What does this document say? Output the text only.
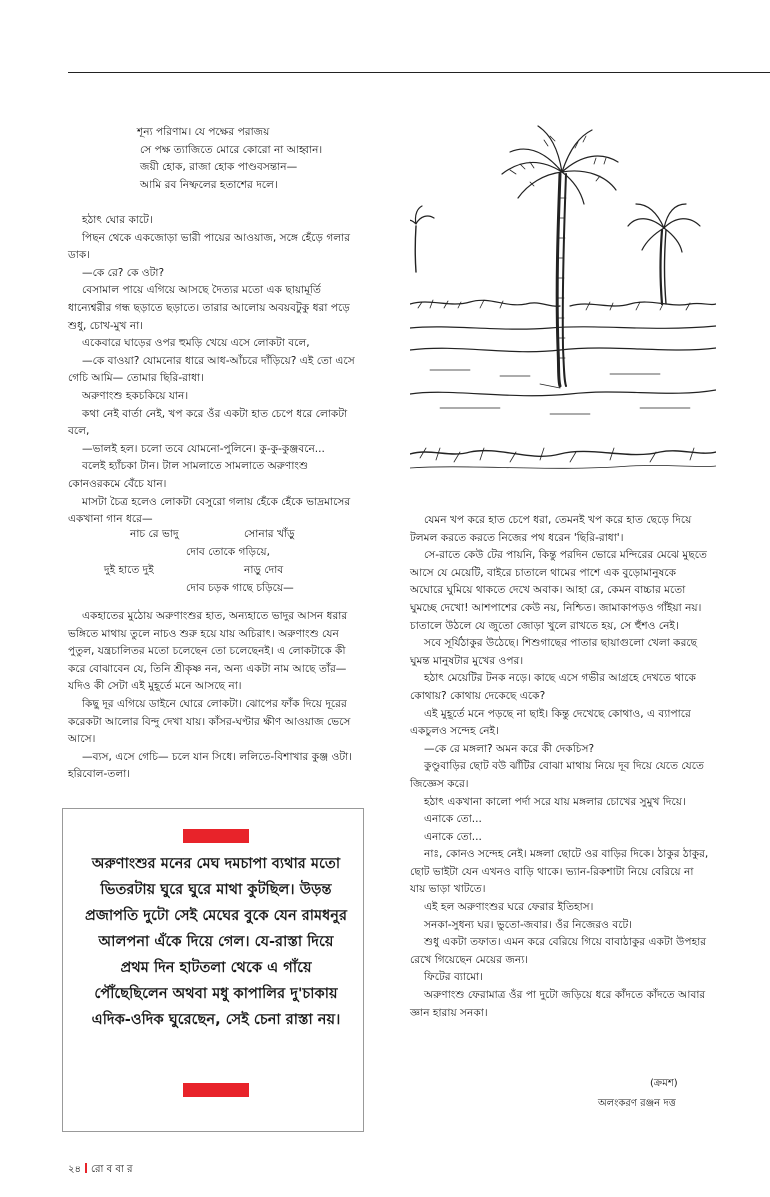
শূন্য পরিণাম। যে পক্ষের পরাজয়
সে পক্ষ ত্যাজিতে মোরে কোরো না আহ্বান।
জয়ী হোক, রাজা হোক পাণ্ডবসন্তান—
আমি রব নিষ্ফলের হতাশের দলে।

হঠাৎ ঘোর কাটে।

পিছন থেকে একজোড়া ভারী পায়ের আওয়াজ, সঙ্গে হেঁড়ে গলার ডাক।

—কে রে? কে ওটা?

বেসামাল পায়ে এগিয়ে আসছে দৈত্যর মতো এক ছায়ামূর্তি ধান্যেশ্বরীর গন্ধ ছড়াতে ছড়াতে। তারার আলোয় অবয়বটুকু ধরা পড়ে শুধু, চোখ-মুখ না।

একেবারে ঘাড়ের ওপর হুমড়ি খেয়ে এসে লোকটা বলে,

—কে বাওয়া? যোমনোর ধারে আধ-আঁচরে দাঁড়িয়ে? এই তো এসে গেচি আমি— তোমার ছিরি-রাধা।

অরুণাংশু হকচকিয়ে যান।

কথা নেই বার্তা নেই, খপ করে ওঁর একটা হাত চেপে ধরে লোকটা বলে,

—ভালই হল। চলো তবে যোমনো-পুলিনে। কু-কু-কুঞ্জবনে...

বলেই হ্যাঁচকা টান। টাল সামলাতে সামলাতে অরুণাংশু কোনওরকমে বেঁচে যান।

মাসটা চৈত্র হলেও লোকটা বেসুরো গলায় হেঁকে হেঁকে ভাদ্রমাসের একখানা গান ধরে—

নাচ রে ভাদু	সোনার খাঁড়ু
দোব তোকে গড়িয়ে,
দুই হাতে দুই	নাড়ু দোব
দোব চড়ক গাছে চড়িয়ে—

একহাতের মুঠোয় অরুণাংশুর হাত, অন্যহাতে ভাদুর আসন ধরার ভঙ্গিতে মাথায় তুলে নাচও শুরু হয়ে যায় অচিরাৎ। অরুণাংশু যেন পুতুল, যন্ত্রচালিতর মতো চলেছেন তো চলেছেনই। এ লোকটাকে কী করে বোঝাবেন যে, তিনি শ্রীকৃষ্ণ নন, অন্য একটা নাম আছে তাঁর— যদিও কী সেটা এই মুহূর্তে মনে আসছে না।

কিছু দূর এগিয়ে ডাইনে ঘোরে লোকটা। ঝোপের ফাঁক দিয়ে দূরের করেকটা আলোর বিন্দু দেখা যায়। কাঁসর-ঘণ্টার ক্ষীণ আওয়াজ ভেসে আসে।

—ব্যস, এসে গেচি— চলে যান সিধে। ললিতে-বিশাখার কুঞ্জ ওটা। হরিবোল-তলা।

অরুণাংশুর মনের মেঘ দমচাপা ব্যথার মতো ভিতরটায় ঘুরে ঘুরে মাথা কুটছিল। উড়ন্ত প্রজাপতি দুটো সেই মেঘের বুকে যেন রামধনুর আলপনা এঁকে দিয়ে গেল। যে-রাস্তা দিয়ে প্রথম দিন হাটতলা থেকে এ গাঁয়ে পৌঁছেছিলেন অথবা মধু কাপালির দু'চাকায় এদিক-ওদিক ঘুরেছেন, সেই চেনা রাস্তা নয়।

যেমন খপ করে হাত চেপে ধরা, তেমনই খপ করে হাত ছেড়ে দিয়ে টলমল করতে করতে নিজের পথ ধরেন 'ছিরি-রাধা'।

সে-রাতে কেউ টের পায়নি, কিন্তু পরদিন ভোরে মন্দিরের মেঝে মুছতে আসে যে মেয়েটি, বাইরে চাতালে থামের পাশে এক বুড়োমানুষকে অঘোরে ঘুমিয়ে থাকতে দেখে অবাক। আহা রে, কেমন বাচ্চার মতো ঘুমচ্ছে দেখো! আশপাশের কেউ নয়, নিশ্চিত। জামাকাপড়ও গাঁইয়া নয়। চাতালে উঠলে যে জুতো জোড়া খুলে রাখতে হয়, সে হুঁশও নেই।

সবে সূর্যিঠাকুর উঠেছে। শিশুগাছের পাতার ছায়াগুলো খেলা করছে ঘুমন্ত মানুষটার মুখের ওপর।

হঠাৎ মেয়েটির টনক নড়ে। কাছে এসে গভীর আগ্রহে দেখতে থাকে কোথায়? কোথায় দেকেছে একে?

এই মুহূর্তে মনে পড়ছে না ছাই। কিন্তু দেখেছে কোথাও, এ ব্যাপারে একচুলও সন্দেহ নেই।

—কে রে মঙ্গলা? অমন করে কী দেকচিস?

কুণ্ডুবাড়ির ছোট বউ ঝাঁটির বোঝা মাথায় নিয়ে দূব দিয়ে যেতে যেতে জিজ্ঞেস করে।

হঠাৎ একখানা কালো পর্দা সরে যায় মঙ্গলার চোখের সুমুখ দিয়ে।

এনাকে তো...

এনাকে তো...

নাঃ, কোনও সন্দেহ নেই। মঙ্গলা ছোটে ওর বাড়ির দিকে। ঠাকুর ঠাকুর, ছোট ভাইটা যেন এখনও বাড়ি থাকে। ভ্যান-রিকশাটা নিয়ে বেরিয়ে না যায় ভাড়া খাটতে।

এই হল অরুণাংশুর ঘরে ফেরার ইতিহাস।

সনকা-সুধন্য ঘর। ভুতো-জবার। ওঁর নিজেরও বটে।

শুধু একটা তফাত। এমন করে বেরিয়ে গিয়ে বাবাঠাকুর একটা উপহার রেখে গিয়েছেন মেয়ের জন্য।

ফিটের ব্যামো।

অরুণাংশু ফেরামাত্র ওঁর পা দুটো জড়িয়ে ধরে কাঁদতে কাঁদতে আবার জ্ঞান হারায় সনকা।

(ক্রমশ)
অলংকরণ রঞ্জন দত্ত
২৪ রো ব বা র
